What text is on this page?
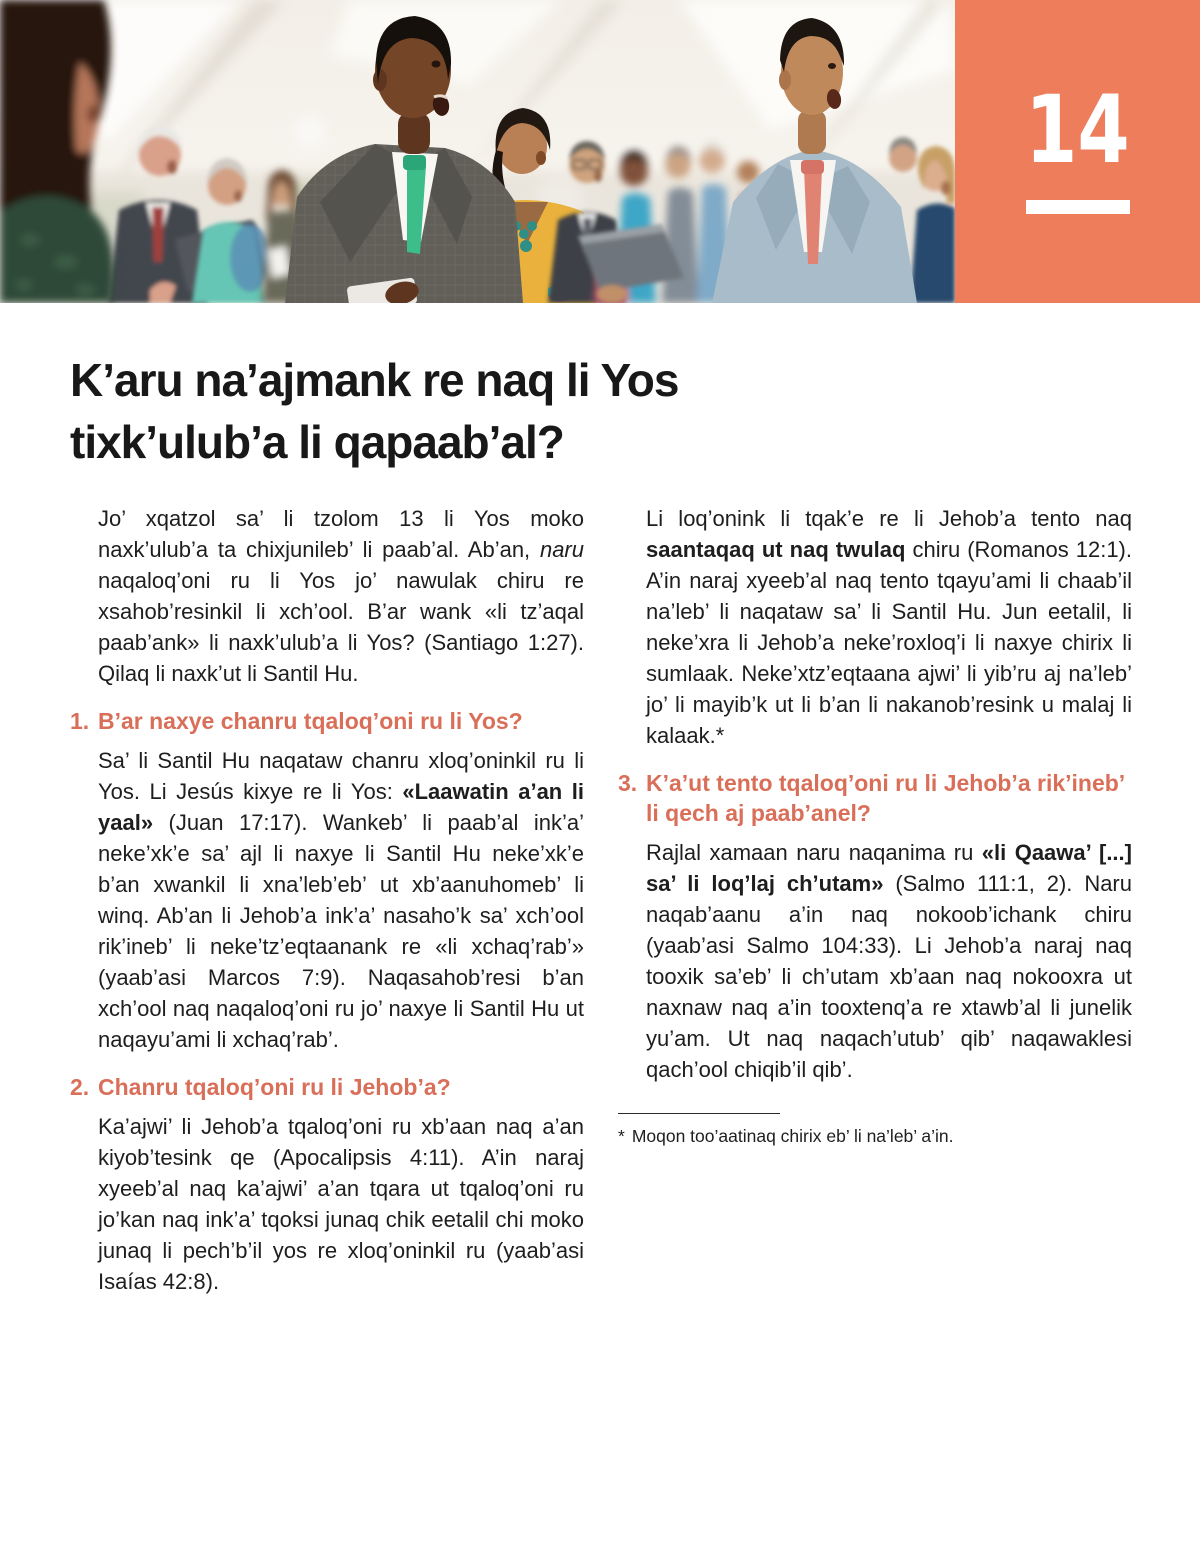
14
K’aru na’ajmank re naq li Yos
tixk’ulub’a li qapaab’al?

Jo’ xqatzol sa’ li tzolom 13 li Yos moko naxk’ulub’a ta chixjunileb’ li paab’al. Ab’an, naru naqaloq’oni ru li Yos jo’ nawulak chiru re xsahob’resinkil li xch’ool. B’ar wank «li tz’aqal paab’ank» li naxk’ulub’a li Yos? (Santiago 1:27). Qilaq li naxk’ut li Santil Hu.

1. B’ar naxye chanru tqaloq’oni ru li Yos?

Sa’ li Santil Hu naqataw chanru xloq’oninkil ru li Yos. Li Jesús kixye re li Yos: «Laawatin a’an li yaal» (Juan 17:17). Wankeb’ li paab’al ink’a’ neke’xk’e sa’ ajl li naxye li Santil Hu neke’xk’e b’an xwankil li xna’leb’eb’ ut xb’aanuhomeb’ li winq. Ab’an li Jehob’a ink’a’ nasaho’k sa’ xch’ool rik’ineb’ li neke’tz’eqtaanank re «li xchaq’rab’» (yaab’asi Marcos 7:9). Naqasahob’resi b’an xch’ool naq naqaloq’oni ru jo’ naxye li Santil Hu ut naqayu’ami li xchaq’rab’.

2. Chanru tqaloq’oni ru li Jehob’a?

Ka’ajwi’ li Jehob’a tqaloq’oni ru xb’aan naq a’an kiyob’tesink qe (Apocalipsis 4:11). A’in naraj xyeeb’al naq ka’ajwi’ a’an tqara ut tqaloq’oni ru jo’kan naq ink’a’ tqoksi junaq chik eetalil chi moko junaq li pech’b’il yos re xloq’oninkil ru (yaab’asi Isaías 42:8).

Li loq’onink li tqak’e re li Jehob’a tento naq saantaqaq ut naq twulaq chiru (Romanos 12:1). A’in naraj xyeeb’al naq tento tqayu’ami li chaab’il na’leb’ li naqataw sa’ li Santil Hu. Jun eetalil, li neke’xra li Jehob’a neke’roxloq’i li naxye chirix li sumlaak. Neke’xtz’eqtaana ajwi’ li yib’ru aj na’leb’ jo’ li mayib’k ut li b’an li nakanob’resink u malaj li kalaak.*

3. K’a’ut tento tqaloq’oni ru li Jehob’a rik’ineb’ li qech aj paab’anel?

Rajlal xamaan naru naqanima ru «li Qaawa’ [...] sa’ li loq’laj ch’utam» (Salmo 111:1, 2). Naru naqab’aanu a’in naq nokoob’ichank chiru (yaab’asi Salmo 104:33). Li Jehob’a naraj naq tooxik sa’eb’ li ch’utam xb’aan naq nokooxra ut naxnaw naq a’in tooxtenq’a re xtawb’al li junelik yu’am. Ut naq naqach’utub’ qib’ naqawaklesi qach’ool chiqib’il qib’.

* Moqon too’aatinaq chirix eb’ li na’leb’ a’in.
